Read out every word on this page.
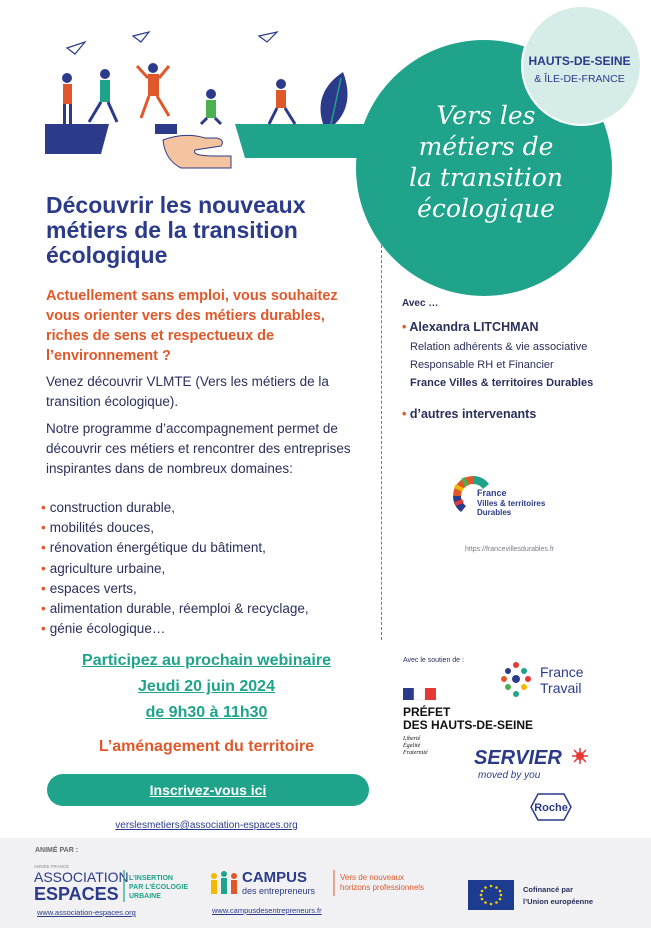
HAUTS-DE-SEINE
& ÎLE-DE-FRANCE
Vers les
métiers de
la transition
écologique
Découvrir les nouveaux métiers de la transition écologique
Actuellement sans emploi, vous souhaitez vous orienter vers des métiers durables, riches de sens et respectueux de l’environnement ?
Venez découvrir VLMTE (Vers les métiers de la transition écologique).
Notre programme d’accompagnement permet de découvrir ces métiers et rencontrer des entreprises inspirantes dans de nombreux domaines:
• construction durable,
• mobilités douces,
• rénovation énergétique du bâtiment,
• agriculture urbaine,
• espaces verts,
• alimentation durable, réemploi & recyclage,
• génie écologique…
Participez au prochain webinaire
Jeudi 20 juin 2024
de 9h30 à 11h30
L’aménagement du territoire
Inscrivez-vous ici
verslesmetiers@association-espaces.org
Avec …
• Alexandra LITCHMAN
Relation adhérents & vie associative
Responsable RH et Financier
France Villes & territoires Durables
• d’autres intervenants
France
Villes & territoires
Durables
https://francevillesdurables.fr
Avec le soutien de :
France
Travail
PRÉFET
DES HAUTS-DE-SEINE
Liberté
Égalité
Fraternité SERVIER
moved by you
Roche
ANIMÉ PAR :
ANNÉE FRANCE
ASSOCIATION
ESPACES
L’INSERTION
PAR L’ÉCOLOGIE
URBAINE
www.association-espaces.org
CAMPUS
des entrepreneurs
Vers de nouveaux
horizons professionnels
www.campusdesentrepreneurs.fr
Cofinancé par
l’Union européenne
